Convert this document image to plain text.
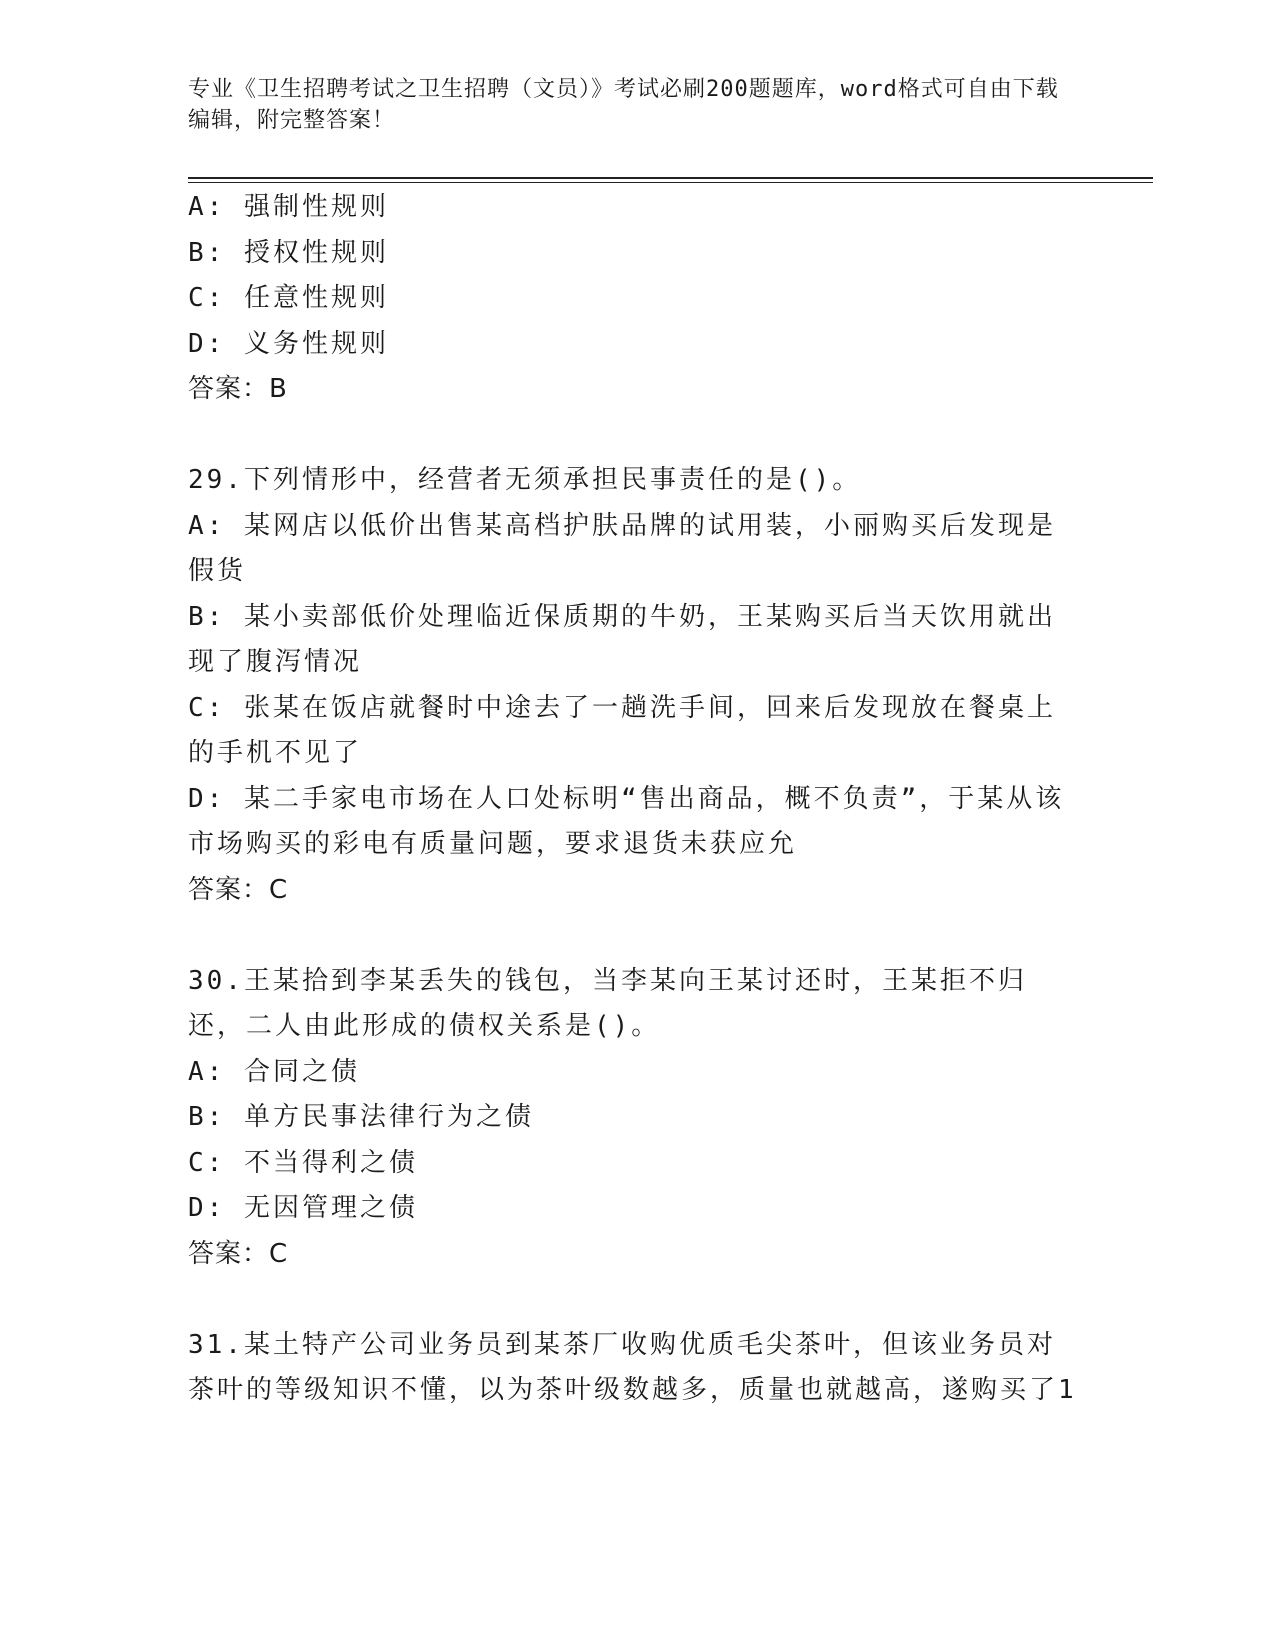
专业《卫生招聘考试之卫生招聘（文员）》考试必刷200题题库，word格式可自由下载编辑，附完整答案！

A: 强制性规则

B: 授权性规则

C: 任意性规则

D: 义务性规则

答案：B

29.下列情形中，经营者无须承担民事责任的是()。

A: 某网店以低价出售某高档护肤品牌的试用装，小丽购买后发现是假货

B: 某小卖部低价处理临近保质期的牛奶，王某购买后当天饮用就出现了腹泻情况

C: 张某在饭店就餐时中途去了一趟洗手间，回来后发现放在餐桌上的手机不见了

D: 某二手家电市场在人口处标明“售出商品，概不负责”，于某从该市场购买的彩电有质量问题，要求退货未获应允

答案：C

30.王某拾到李某丢失的钱包，当李某向王某讨还时，王某拒不归还，二人由此形成的债权关系是()。

A: 合同之债

B: 单方民事法律行为之债

C: 不当得利之债

D: 无因管理之债

答案：C

31.某土特产公司业务员到某茶厂收购优质毛尖茶叶，但该业务员对茶叶的等级知识不懂，以为茶叶级数越多，质量也就越高，遂购买了1
